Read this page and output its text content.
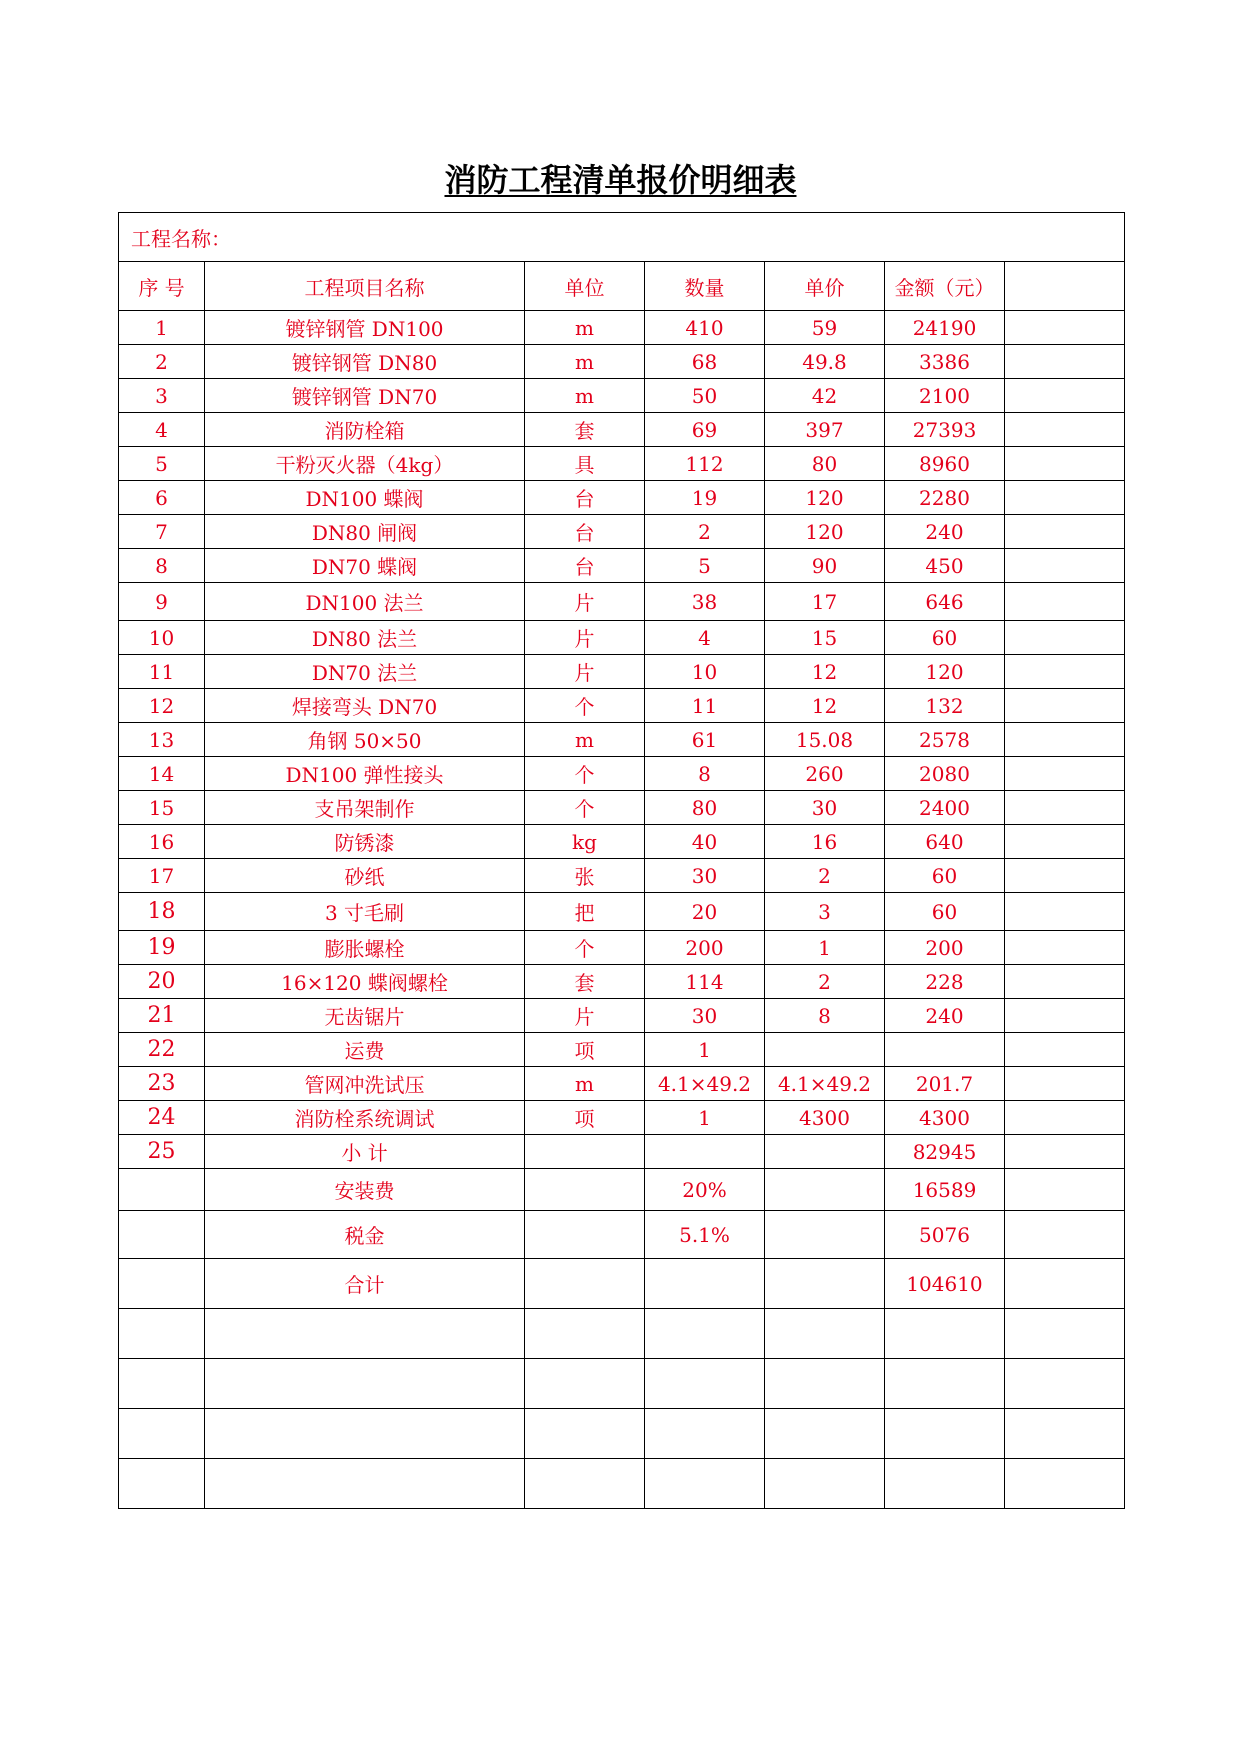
消防工程清单报价明细表
工程名称：						
序 号	工程项目名称	单位	数量	单价	金额（元）	
1	镀锌钢管 DN100	m	410	59	24190	
2	镀锌钢管 DN80	m	68	49.8	3386	
3	镀锌钢管 DN70	m	50	42	2100	
4	消防栓箱	套	69	397	27393	
5	干粉灭火器（4kg）	具	112	80	8960	
6	DN100 蝶阀	台	19	120	2280	
7	DN80 闸阀	台	2	120	240	
8	DN70 蝶阀	台	5	90	450	
9	DN100 法兰	片	38	17	646	
10	DN80 法兰	片	4	15	60	
11	DN70 法兰	片	10	12	120	
12	焊接弯头 DN70	个	11	12	132	
13	角钢 50×50	m	61	15.08	2578	
14	DN100 弹性接头	个	8	260	2080	
15	支吊架制作	个	80	30	2400	
16	防锈漆	kg	40	16	640	
17	砂纸	张	30	2	60	
18	3 寸毛刷	把	20	3	60	
19	膨胀螺栓	个	200	1	200	
20	16×120 蝶阀螺栓	套	114	2	228	
21	无齿锯片	片	30	8	240	
22	运费	项	1			
23	管网冲洗试压	m	4.1×49.2	4.1×49.2	201.7	
24	消防栓系统调试	项	1	4300	4300	
25	小 计				82945	
	安装费		20%		16589	
	税金		5.1%		5076	
	合计				104610	
